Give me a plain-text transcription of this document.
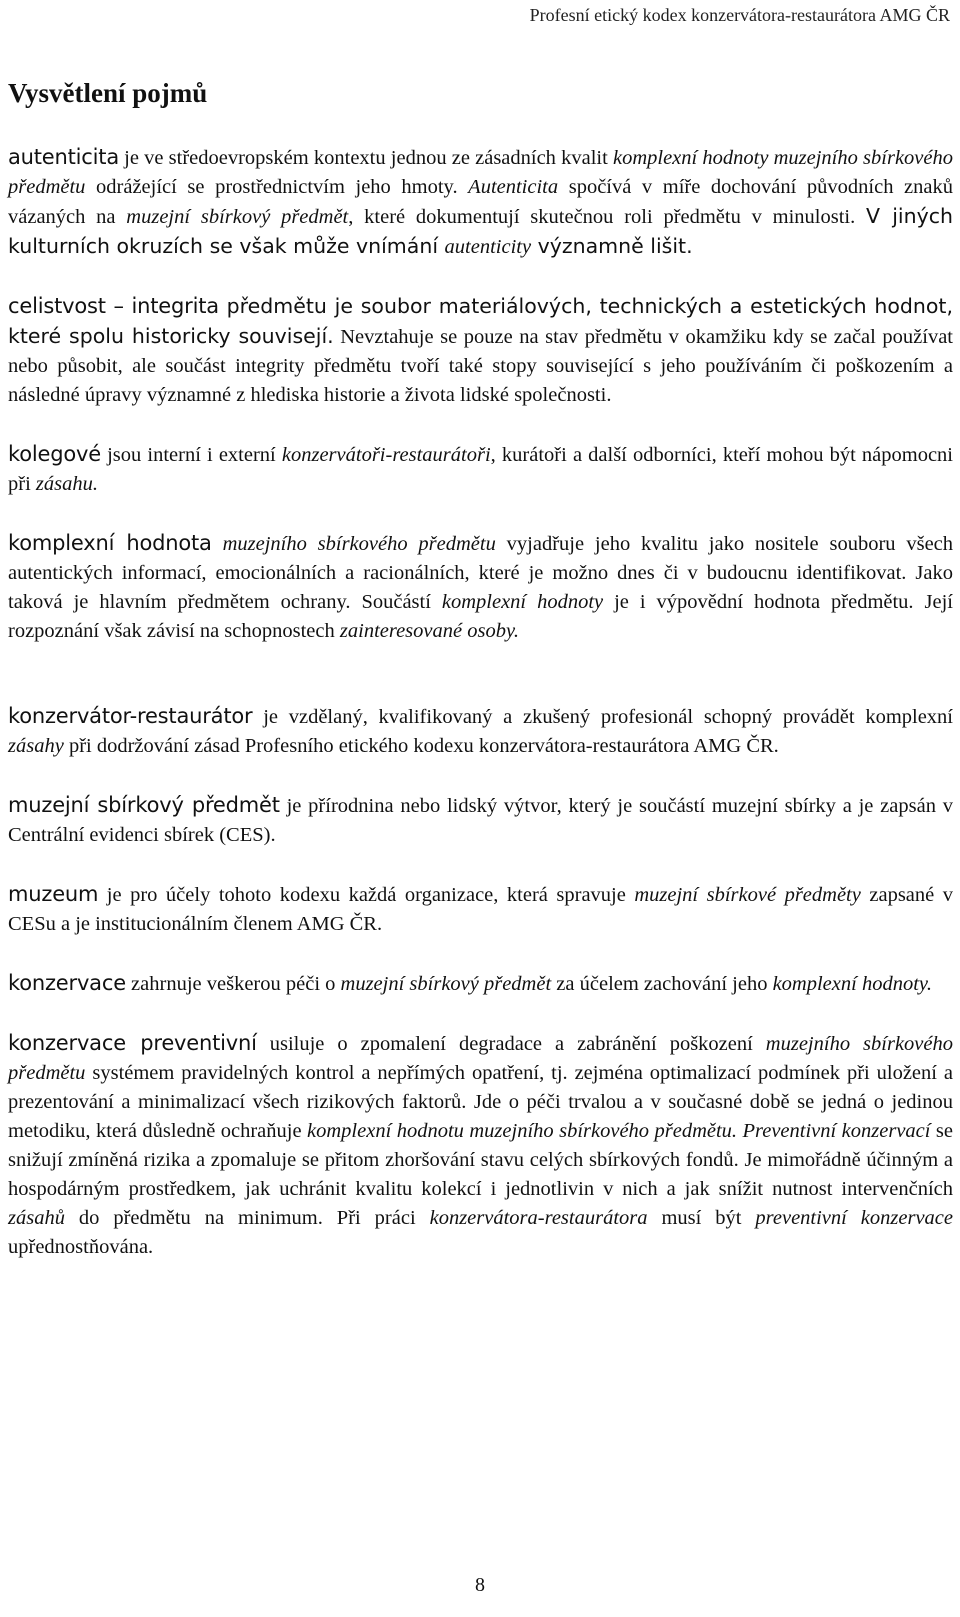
Profesní etický kodex konzervátora-restaurátora AMG ČR
Vysvětlení pojmů

autenticita je ve středoevropském kontextu jednou ze zásadních kvalit komplexní hodnoty muzejního sbírkového předmětu odrážející se prostřednictvím jeho hmoty. Autenticita spočívá v míře dochování původních znaků vázaných na muzejní sbírkový předmět, které dokumentují skutečnou roli předmětu v minulosti. V jiných kulturních okruzích se však může vnímání autenticity významně lišit.

celistvost – integrita předmětu je soubor materiálových, technických a estetických hodnot, které spolu historicky souvisejí. Nevztahuje se pouze na stav předmětu v okamžiku kdy se začal používat nebo působit, ale součást integrity předmětu tvoří také stopy související s jeho používáním či poškozením a následné úpravy významné z hlediska historie a života lidské společnosti.

kolegové jsou interní i externí konzervátoři-restaurátoři, kurátoři a další odborníci, kteří mohou být nápomocni při zásahu.

komplexní hodnota muzejního sbírkového předmětu vyjadřuje jeho kvalitu jako nositele souboru všech autentických informací, emocionálních a racionálních, které je možno dnes či v budoucnu identifikovat. Jako taková je hlavním předmětem ochrany. Součástí komplexní hodnoty je i výpovědní hodnota předmětu. Její rozpoznání však závisí na schopnostech zainteresované osoby.

konzervátor-restaurátor je vzdělaný, kvalifikovaný a zkušený profesionál schopný provádět komplexní zásahy při dodržování zásad Profesního etického kodexu konzervátora-restaurátora AMG ČR.

muzejní sbírkový předmět je přírodnina nebo lidský výtvor, který je součástí muzejní sbírky a je zapsán v Centrální evidenci sbírek (CES).

muzeum je pro účely tohoto kodexu každá organizace, která spravuje muzejní sbírkové předměty zapsané v CESu a je institucionálním členem AMG ČR.

konzervace zahrnuje veškerou péči o muzejní sbírkový předmět za účelem zachování jeho komplexní hodnoty.

konzervace preventivní usiluje o zpomalení degradace a zabránění poškození muzejního sbírkového předmětu systémem pravidelných kontrol a nepřímých opatření, tj. zejména optimalizací podmínek při uložení a prezentování a minimalizací všech rizikových faktorů. Jde o péči trvalou a v současné době se jedná o jedinou metodiku, která důsledně ochraňuje komplexní hodnotu muzejního sbírkového předmětu. Preventivní konzervací se snižují zmíněná rizika a zpomaluje se přitom zhoršování stavu celých sbírkových fondů. Je mimořádně účinným a hospodárným prostředkem, jak uchránit kvalitu kolekcí i jednotlivin v nich a jak snížit nutnost intervenčních zásahů do předmětu na minimum. Při práci konzervátora-restaurátora musí být preventivní konzervace upřednostňována.

8
